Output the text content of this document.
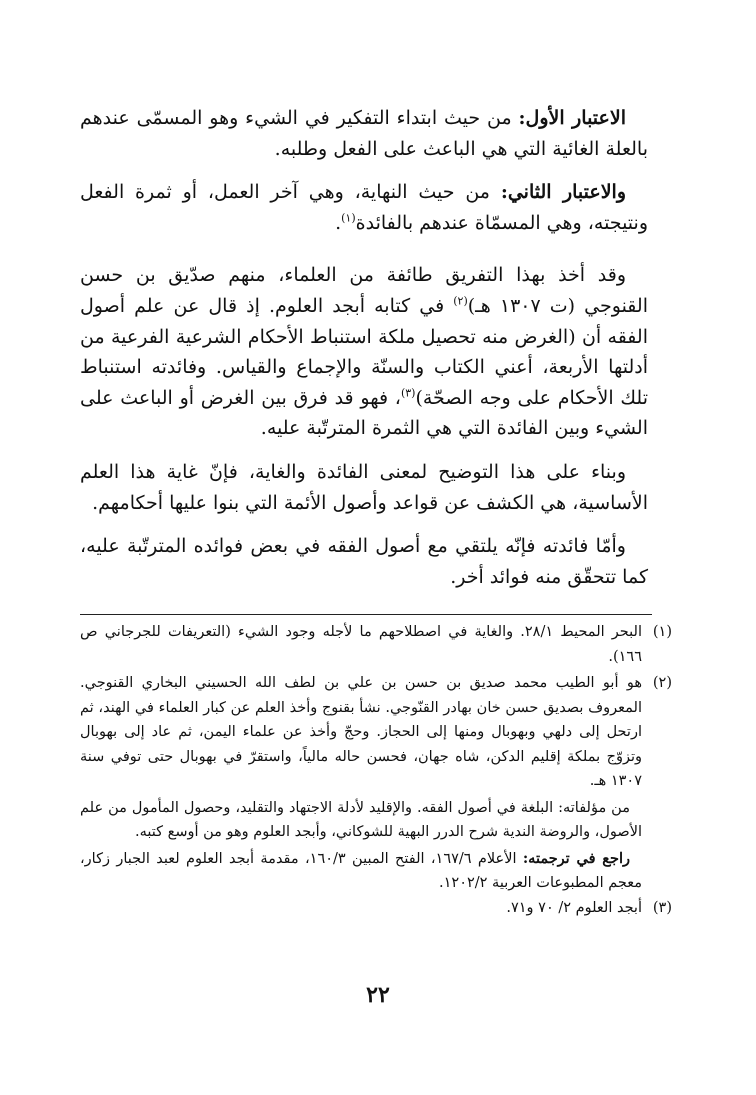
الاعتبار الأول: من حيث ابتداء التفكير في الشيء وهو المسمّى عندهم بالعلة الغائية التي هي الباعث على الفعل وطلبه.

والاعتبار الثاني: من حيث النهاية، وهي آخر العمل، أو ثمرة الفعل ونتيجته، وهي المسمّاة عندهم بالفائدة$^{(١)}$.

وقد أخذ بهذا التفريق طائفة من العلماء، منهم صدّيق بن حسن القنوجي (ت ١٣٠٧ هـ)$^{(٢)}$ في كتابه أبجد العلوم. إذ قال عن علم أصول الفقه أن (الغرض منه تحصيل ملكة استنباط الأحكام الشرعية الفرعية من أدلتها الأربعة، أعني الكتاب والسنّة والإجماع والقياس. وفائدته استنباط تلك الأحكام على وجه الصحّة)$^{(٣)}$، فهو قد فرق بين الغرض أو الباعث على الشيء وبين الفائدة التي هي الثمرة المترتّبة عليه.

وبناء على هذا التوضيح لمعنى الفائدة والغاية، فإنّ غاية هذا العلم الأساسية، هي الكشف عن قواعد وأصول الأئمة التي بنوا عليها أحكامهم.

وأمّا فائدته فإنّه يلتقي مع أصول الفقه في بعض فوائده المترتّبة عليه، كما تتحقّق منه فوائد أخر.

(١)
البحر المحيط ٢٨/١. والغاية في اصطلاحهم ما لأجله وجود الشيء (التعريفات للجرجاني ص ١٦٦).
(٢)
هو أبو الطيب محمد صديق بن حسن بن علي بن لطف الله الحسيني البخاري القنوجي. المعروف بصديق حسن خان بهادر القنّوجي. نشأ بقنوج وأخذ العلم عن كبار العلماء في الهند، ثم ارتحل إلى دلهي وبهوبال ومنها إلى الحجاز. وحجّ وأخذ عن علماء اليمن، ثم عاد إلى بهوبال وتزوّج بملكة إقليم الدكن، شاه جهان، فحسن حاله مالياً، واستقرّ في بهوبال حتى توفي سنة ١٣٠٧ هـ.

من مؤلفاته: البلغة في أصول الفقه. والإقليد لأدلة الاجتهاد والتقليد، وحصول المأمول من علم الأصول، والروضة الندية شرح الدرر البهية للشوكاني، وأبجد العلوم وهو من أوسع كتبه.

راجع في ترجمته: الأعلام ١٦٧/٦، الفتح المبين ١٦٠/٣، مقدمة أبجد العلوم لعبد الجبار زكار، معجم المطبوعات العربية ١٢٠٢/٢.

(٣)
أبجد العلوم ٢/ ٧٠ و٧١.
٢٢
